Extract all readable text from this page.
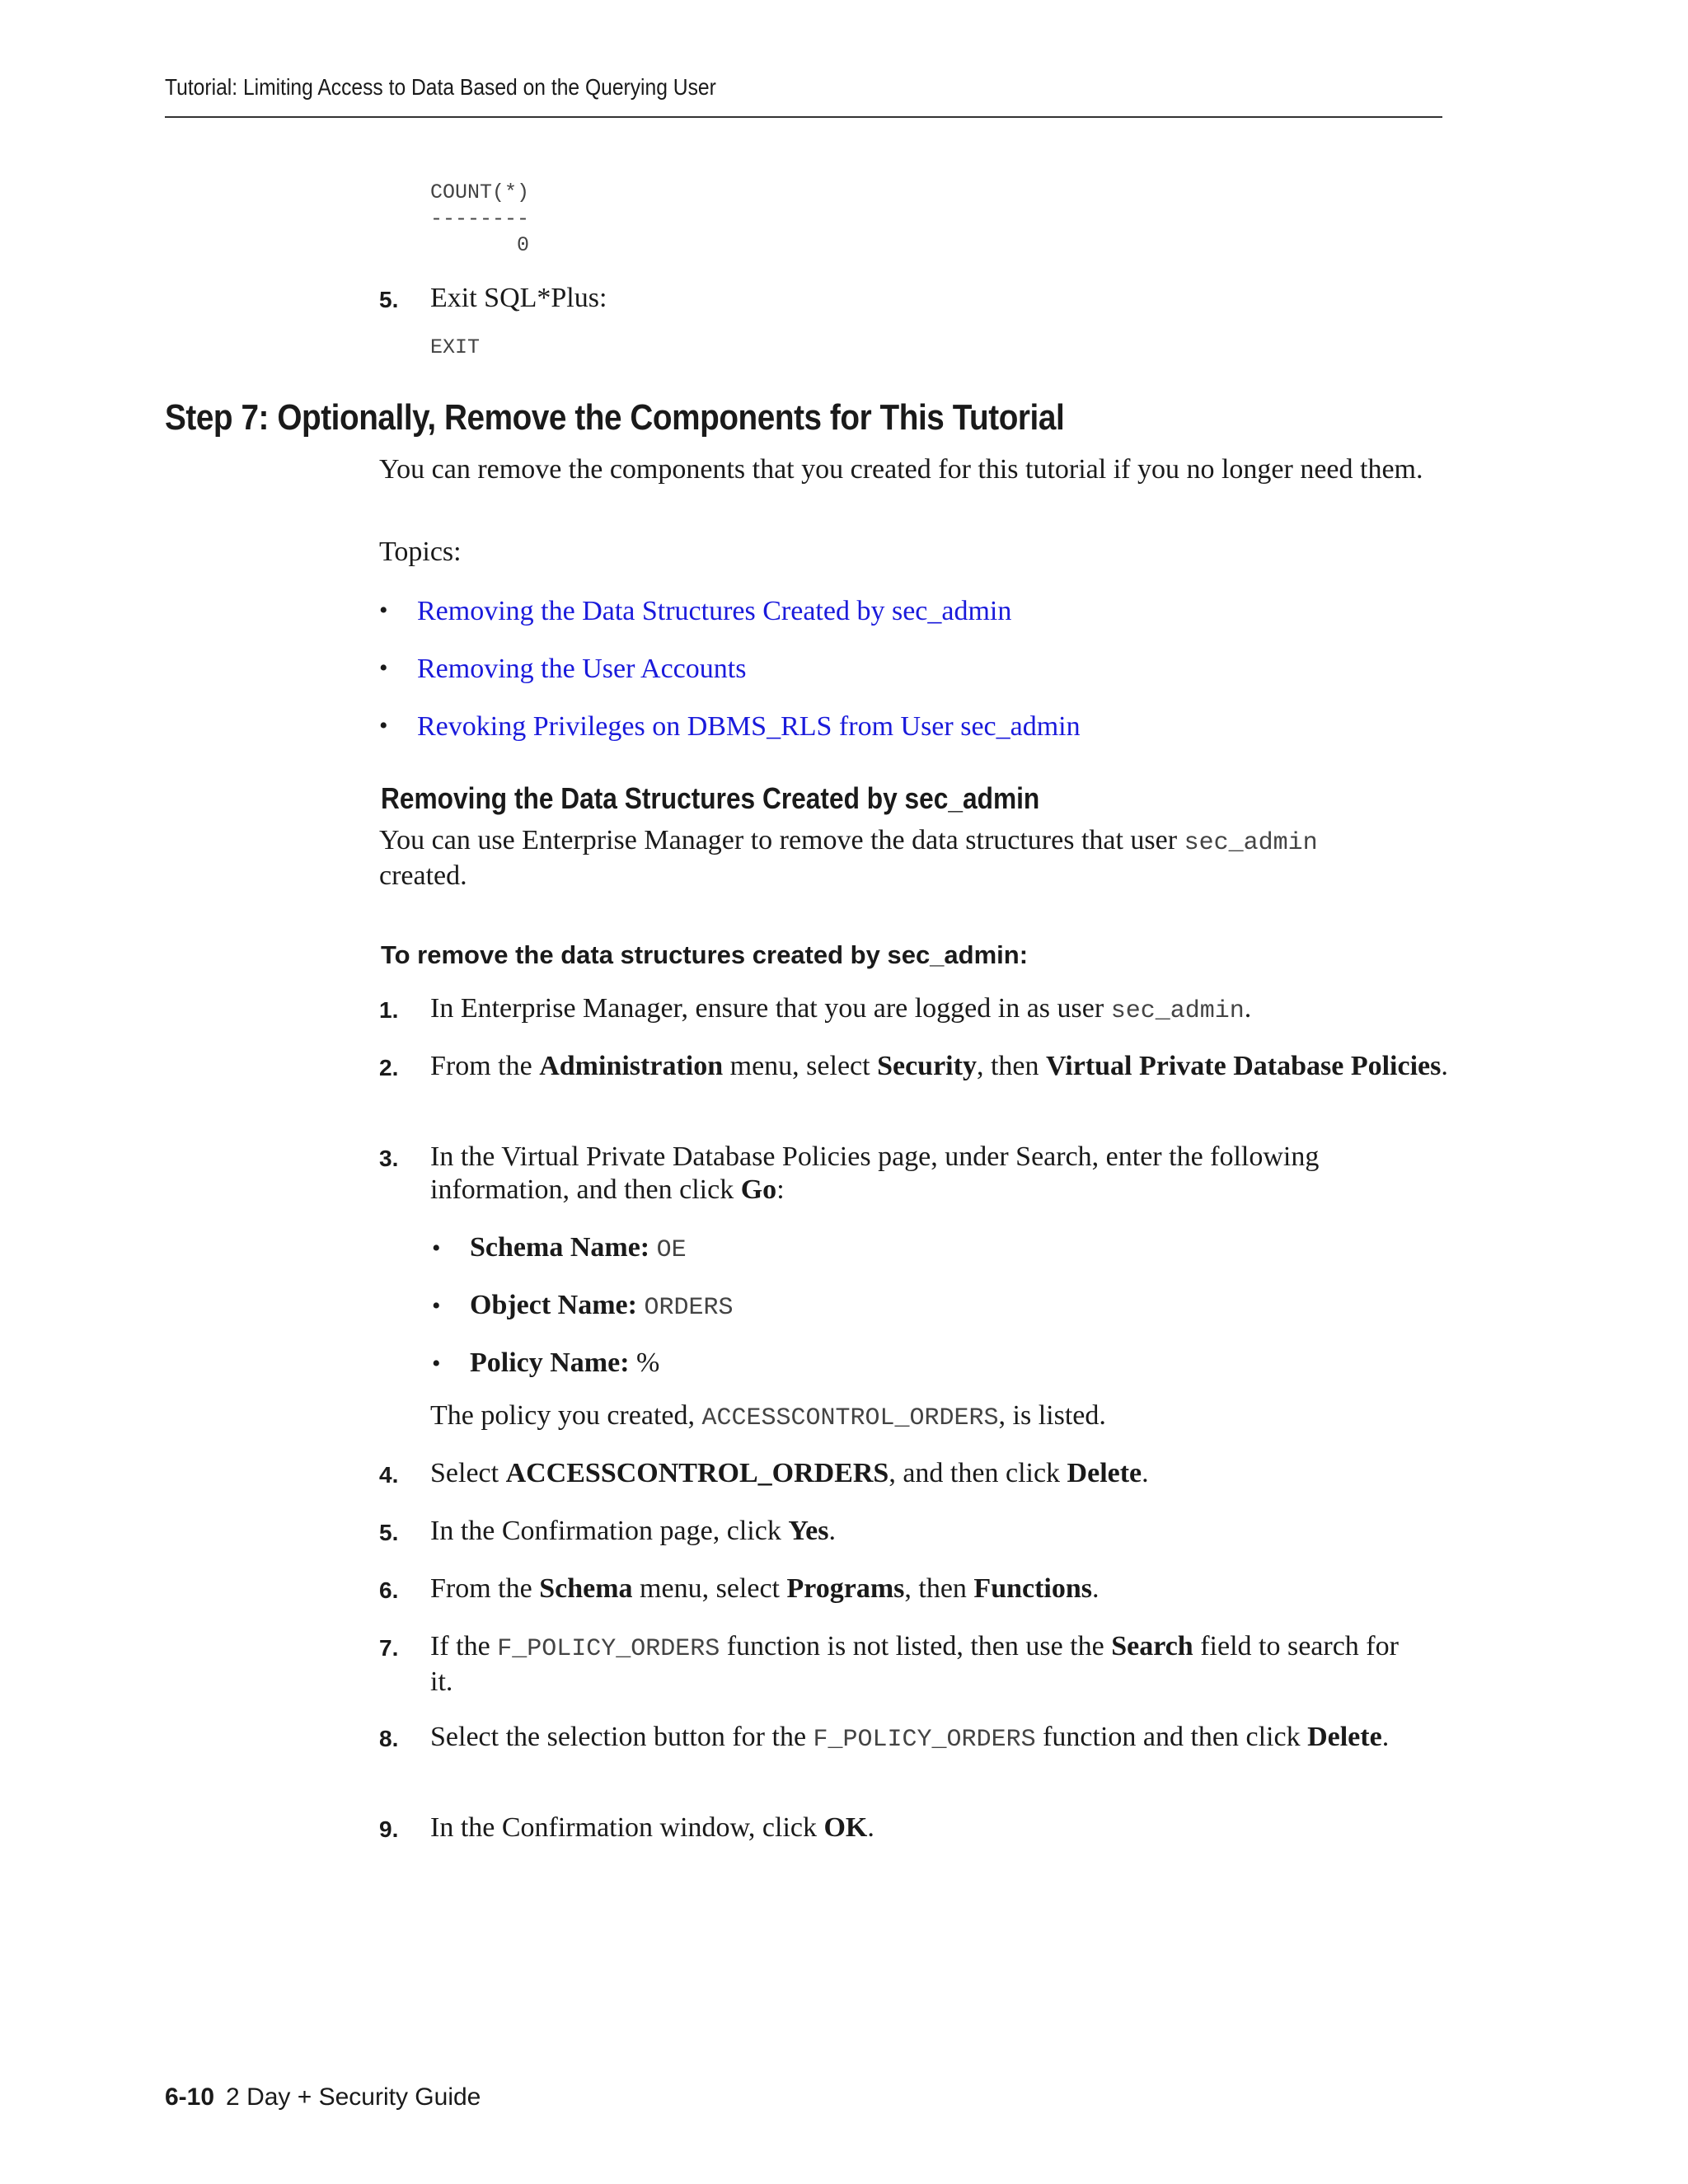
Tutorial: Limiting Access to Data Based on the Querying User
COUNT(*)
--------
0
5. Exit SQL*Plus:
EXIT
Step 7: Optionally, Remove the Components for This Tutorial
You can remove the components that you created for this tutorial if you no longer need them.
Topics:
• Removing the Data Structures Created by sec_admin
• Removing the User Accounts
• Revoking Privileges on DBMS_RLS from User sec_admin
Removing the Data Structures Created by sec_admin
You can use Enterprise Manager to remove the data structures that user sec_admin
created.
To remove the data structures created by sec_admin:
1. In Enterprise Manager, ensure that you are logged in as user sec_admin.
2. From the Administration menu, select Security, then Virtual Private Database Policies.
3. In the Virtual Private Database Policies page, under Search, enter the following information, and then click Go:
• Schema Name: OE
• Object Name: ORDERS
• Policy Name: %
The policy you created, ACCESSCONTROL_ORDERS, is listed.
4. Select ACCESSCONTROL_ORDERS, and then click Delete.
5. In the Confirmation page, click Yes.
6. From the Schema menu, select Programs, then Functions.
7. If the F_POLICY_ORDERS function is not listed, then use the Search field to search for it.
8. Select the selection button for the F_POLICY_ORDERS function and then click Delete.
9. In the Confirmation window, click OK.
6-10 2 Day + Security Guide
